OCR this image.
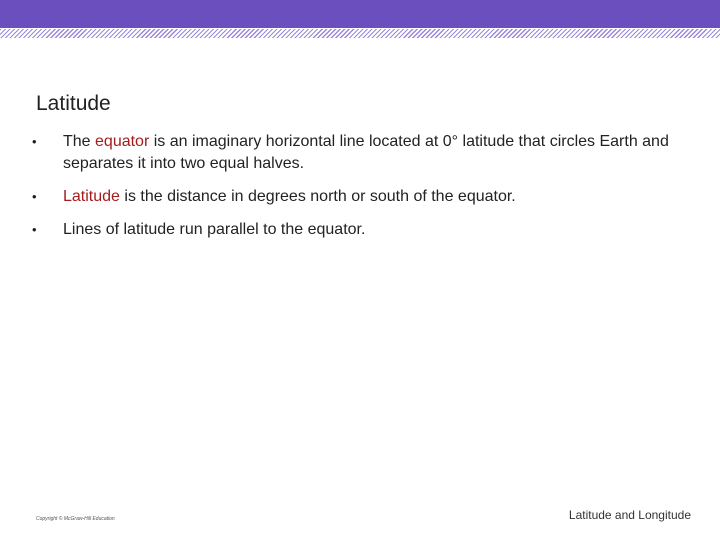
Latitude
•	The equator is an imaginary horizontal line located at 0° latitude that circles Earth and separates it into two equal halves.
•	Latitude is the distance in degrees north or south of the equator.
•	Lines of latitude run parallel to the equator.
Copyright © McGraw-Hill Education	Latitude and Longitude
